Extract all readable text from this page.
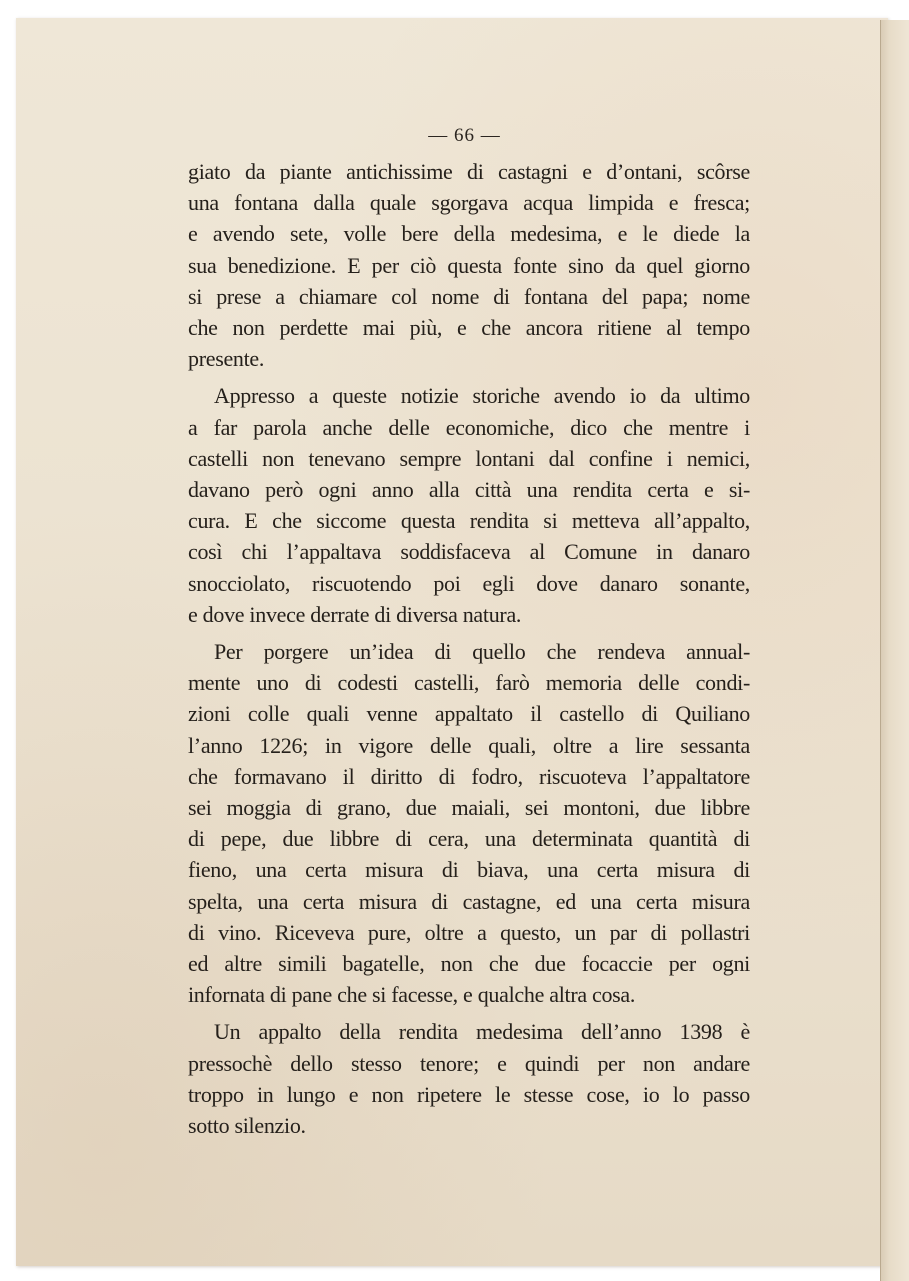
— 66 —
giato da piante antichissime di castagni e d’ontani, scôrse
una fontana dalla quale sgorgava acqua limpida e fresca;
e avendo sete, volle bere della medesima, e le diede la
sua benedizione. E per ciò questa fonte sino da quel giorno
si prese a chiamare col nome di fontana del papa; nome
che non perdette mai più, e che ancora ritiene al tempo
presente.
Appresso a queste notizie storiche avendo io da ultimo
a far parola anche delle economiche, dico che mentre i
castelli non tenevano sempre lontani dal confine i nemici,
davano però ogni anno alla città una rendita certa e si-
cura. E che siccome questa rendita si metteva all’appalto,
così chi l’appaltava soddisfaceva al Comune in danaro
snocciolato, riscuotendo poi egli dove danaro sonante,
e dove invece derrate di diversa natura.
Per porgere un’idea di quello che rendeva annual-
mente uno di codesti castelli, farò memoria delle condi-
zioni colle quali venne appaltato il castello di Quiliano
l’anno 1226; in vigore delle quali, oltre a lire sessanta
che formavano il diritto di fodro, riscuoteva l’appaltatore
sei moggia di grano, due maiali, sei montoni, due libbre
di pepe, due libbre di cera, una determinata quantità di
fieno, una certa misura di biava, una certa misura di
spelta, una certa misura di castagne, ed una certa misura
di vino. Riceveva pure, oltre a questo, un par di pollastri
ed altre simili bagatelle, non che due focaccie per ogni
infornata di pane che si facesse, e qualche altra cosa.
Un appalto della rendita medesima dell’anno 1398 è
pressochè dello stesso tenore; e quindi per non andare
troppo in lungo e non ripetere le stesse cose, io lo passo
sotto silenzio.
